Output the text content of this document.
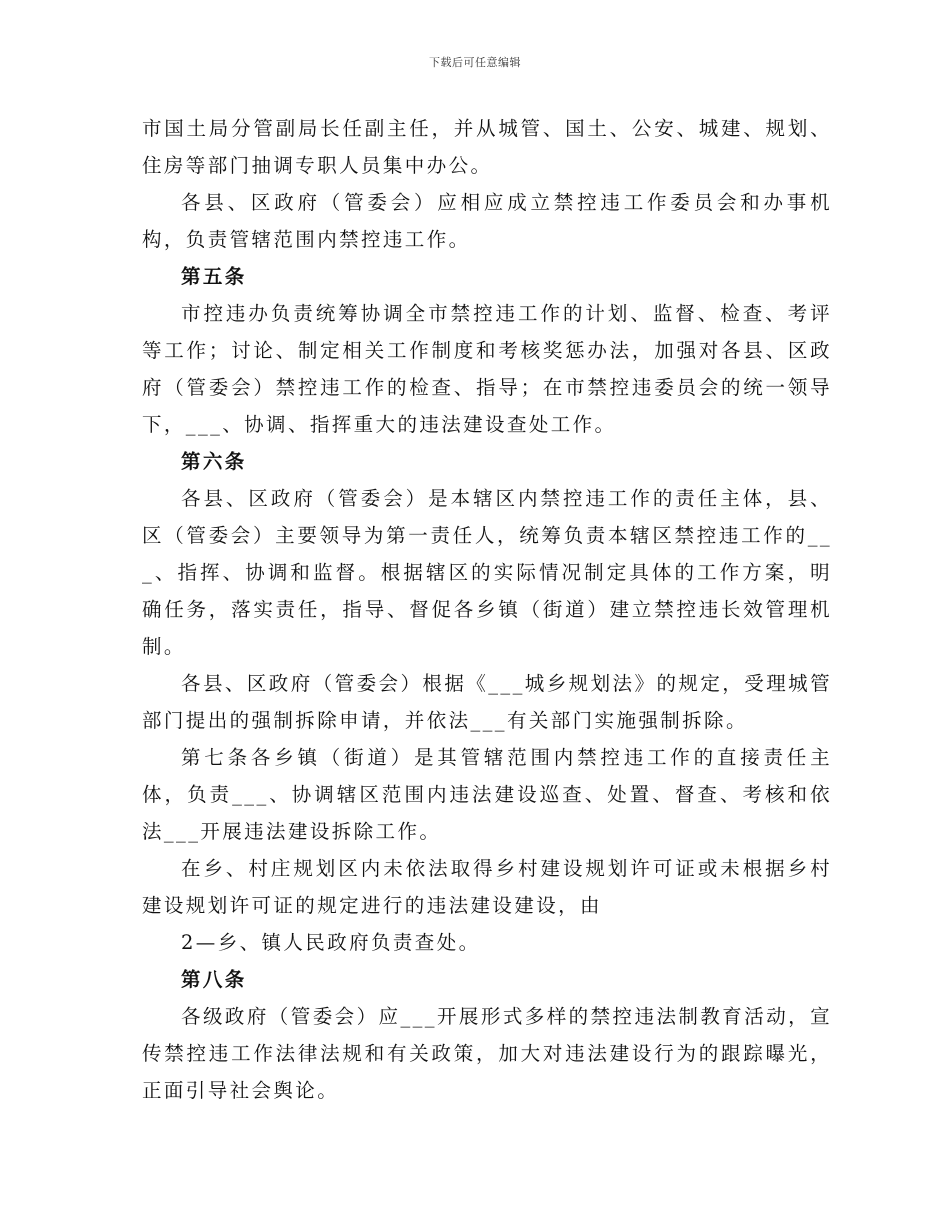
下载后可任意编辑

市国土局分管副局长任副主任，并从城管、国土、公安、城建、规划、住房等部门抽调专职人员集中办公。

各县、区政府（管委会）应相应成立禁控违工作委员会和办事机构，负责管辖范围内禁控违工作。

第五条

市控违办负责统筹协调全市禁控违工作的计划、监督、检查、考评等工作；讨论、制定相关工作制度和考核奖惩办法，加强对各县、区政府（管委会）禁控违工作的检查、指导；在市禁控违委员会的统一领导下，___、协调、指挥重大的违法建设查处工作。

第六条

各县、区政府（管委会）是本辖区内禁控违工作的责任主体，县、区（管委会）主要领导为第一责任人，统筹负责本辖区禁控违工作的___、指挥、协调和监督。根据辖区的实际情况制定具体的工作方案，明确任务，落实责任，指导、督促各乡镇（街道）建立禁控违长效管理机制。

各县、区政府（管委会）根据《___城乡规划法》的规定，受理城管部门提出的强制拆除申请，并依法___有关部门实施强制拆除。

第七条各乡镇（街道）是其管辖范围内禁控违工作的直接责任主体，负责___、协调辖区范围内违法建设巡查、处置、督查、考核和依法___开展违法建设拆除工作。

在乡、村庄规划区内未依法取得乡村建设规划许可证或未根据乡村建设规划许可证的规定进行的违法建设建设，由

2—乡、镇人民政府负责查处。

第八条

各级政府（管委会）应___开展形式多样的禁控违法制教育活动，宣传禁控违工作法律法规和有关政策，加大对违法建设行为的跟踪曝光，正面引导社会舆论。
